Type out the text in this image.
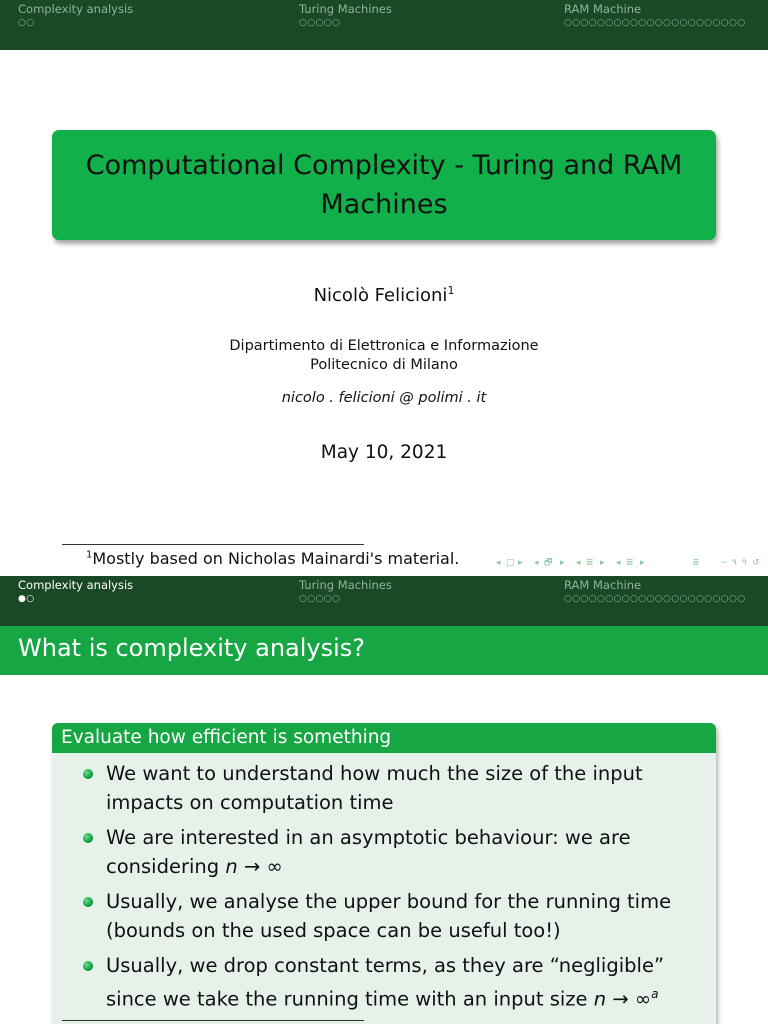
Complexity analysis
○○
Turing Machines
○○○○○
RAM Machine
○○○○○○○○○○○○○○○○○○○○○○
Computational Complexity - Turing and RAM Machines
Nicolò Felicioni$^1$
Dipartimento di Elettronica e Informazione
Politecnico di Milano
nicolo . felicioni @ polimi . it
May 10, 2021
$^1$Mostly based on Nicholas Mainardi's material.	◂ □ ▸ ◂ 🗗 ▸ ◂ ≣ ▸ ◂ ≣ ▸	≣ ∽ ۹ ۹ ↺
Complexity analysis
●○
Turing Machines
○○○○○
RAM Machine
○○○○○○○○○○○○○○○○○○○○○○
What is complexity analysis?
Evaluate how efficient is something
We want to understand how much the size of the input impacts on computation time
We are interested in an asymptotic behaviour: we are considering n → ∞
Usually, we analyse the upper bound for the running time (bounds on the used space can be useful too!)
Usually, we drop constant terms, as they are “negligible” since we take the running time with an input size n → ∞$^a$
